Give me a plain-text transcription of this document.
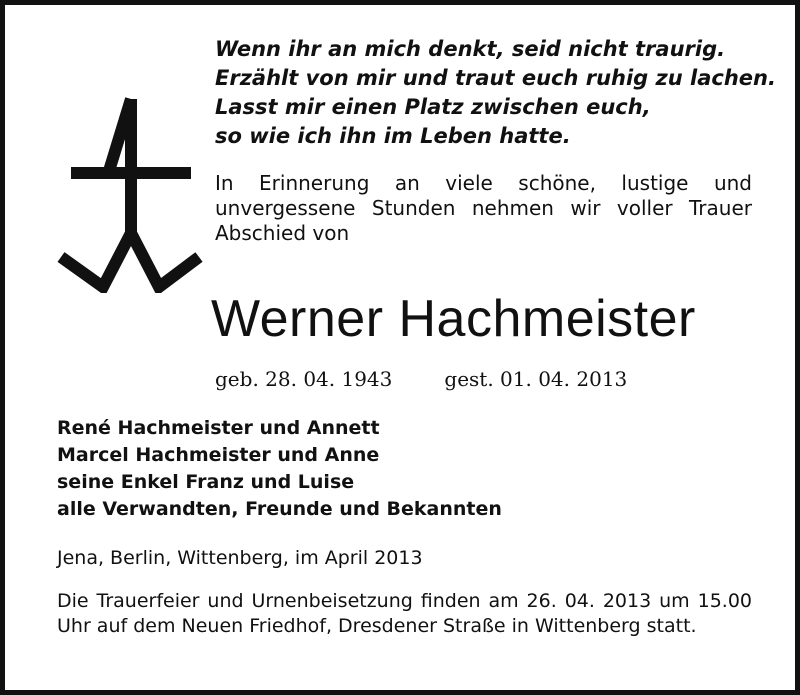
Wenn ihr an mich denkt, seid nicht traurig.
Erzählt von mir und traut euch ruhig zu lachen.
Lasst mir einen Platz zwischen euch,
so wie ich ihn im Leben hatte.
In Erinnerung an viele schöne, lustige und unvergessene Stunden nehmen wir voller Trauer Abschied von
Werner Hachmeister
geb. 28. 04. 1943	gest. 01. 04. 2013
René Hachmeister und Annett
Marcel Hachmeister und Anne
seine Enkel Franz und Luise
alle Verwandten, Freunde und Bekannten
Jena, Berlin, Wittenberg, im April 2013
Die Trauerfeier und Urnenbeisetzung finden am 26. 04. 2013 um 15.00 Uhr auf dem Neuen Friedhof, Dresdener Straße in Wittenberg statt.
